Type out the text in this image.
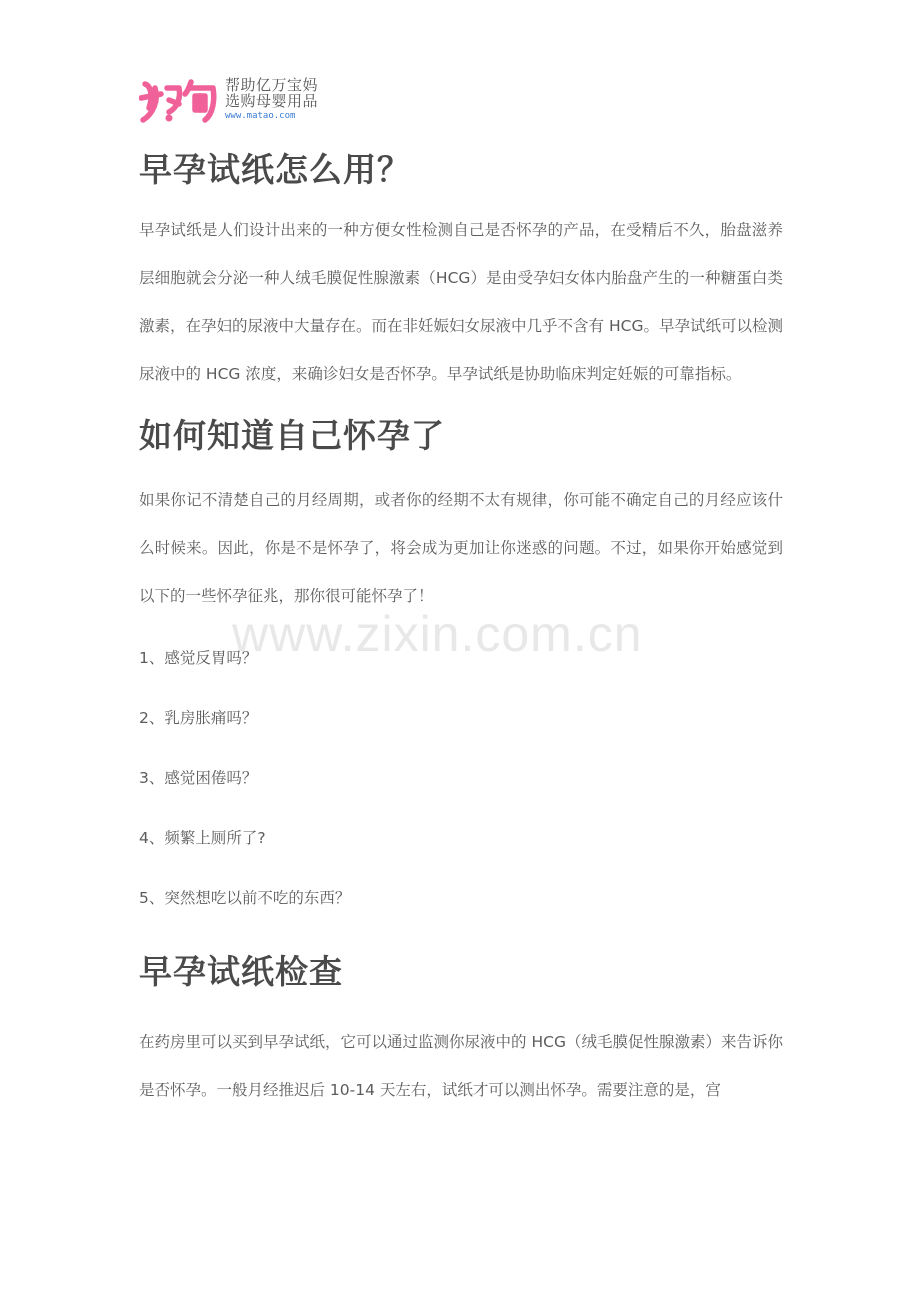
帮助亿万宝妈
选购母婴用品
www.matao.com
早孕试纸怎么用？

早孕试纸是人们设计出来的一种方便女性检测自己是否怀孕的产品，在受精后不久，胎盘滋养层细胞就会分泌一种人绒毛膜促性腺激素（HCG）是由受孕妇女体内胎盘产生的一种糖蛋白类激素，在孕妇的尿液中大量存在。而在非妊娠妇女尿液中几乎不含有 HCG。早孕试纸可以检测尿液中的 HCG 浓度，来确诊妇女是否怀孕。早孕试纸是协助临床判定妊娠的可靠指标。

如何知道自己怀孕了

如果你记不清楚自己的月经周期，或者你的经期不太有规律，你可能不确定自己的月经应该什么时候来。因此，你是不是怀孕了，将会成为更加让你迷惑的问题。不过，如果你开始感觉到以下的一些怀孕征兆，那你很可能怀孕了！

1、感觉反胃吗？
2、乳房胀痛吗？
3、感觉困倦吗？
4、频繁上厕所了?
5、突然想吃以前不吃的东西？
早孕试纸检查

在药房里可以买到早孕试纸，它可以通过监测你尿液中的 HCG（绒毛膜促性腺激素）来告诉你是否怀孕。一般月经推迟后 10-14 天左右，试纸才可以测出怀孕。需要注意的是，宫

www.zixin.com.cn
